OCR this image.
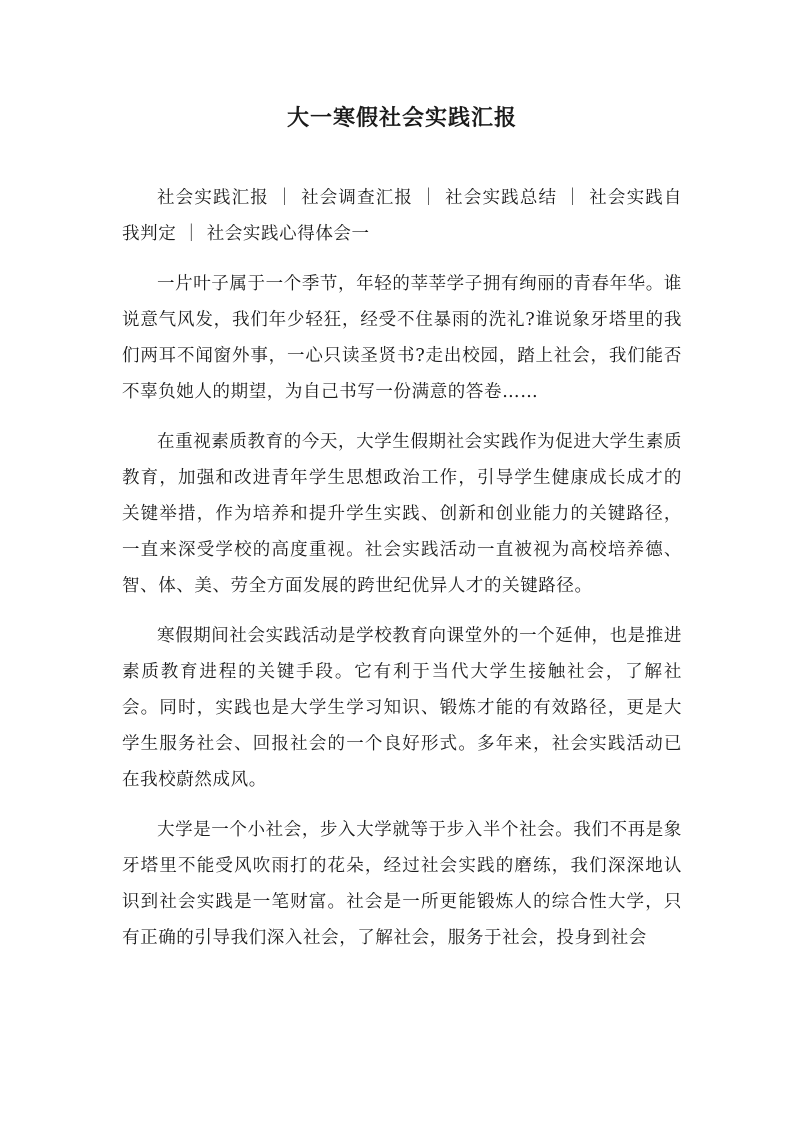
大一寒假社会实践汇报

社会实践汇报 ｜ 社会调查汇报 ｜ 社会实践总结 ｜ 社会实践自我判定 ｜ 社会实践心得体会一

一片叶子属于一个季节，年轻的莘莘学子拥有绚丽的青春年华。谁说意气风发，我们年少轻狂，经受不住暴雨的洗礼?谁说象牙塔里的我们两耳不闻窗外事，一心只读圣贤书?走出校园，踏上社会，我们能否不辜负她人的期望，为自己书写一份满意的答卷……

在重视素质教育的今天，大学生假期社会实践作为促进大学生素质教育，加强和改进青年学生思想政治工作，引导学生健康成长成才的关键举措，作为培养和提升学生实践、创新和创业能力的关键路径，一直来深受学校的高度重视。社会实践活动一直被视为高校培养德、智、体、美、劳全方面发展的跨世纪优异人才的关键路径。

寒假期间社会实践活动是学校教育向课堂外的一个延伸，也是推进素质教育进程的关键手段。它有利于当代大学生接触社会，了解社会。同时，实践也是大学生学习知识、锻炼才能的有效路径，更是大学生服务社会、回报社会的一个良好形式。多年来，社会实践活动已在我校蔚然成风。

大学是一个小社会，步入大学就等于步入半个社会。我们不再是象牙塔里不能受风吹雨打的花朵，经过社会实践的磨练，我们深深地认识到社会实践是一笔财富。社会是一所更能锻炼人的综合性大学，只有正确的引导我们深入社会，了解社会，服务于社会，投身到社会
